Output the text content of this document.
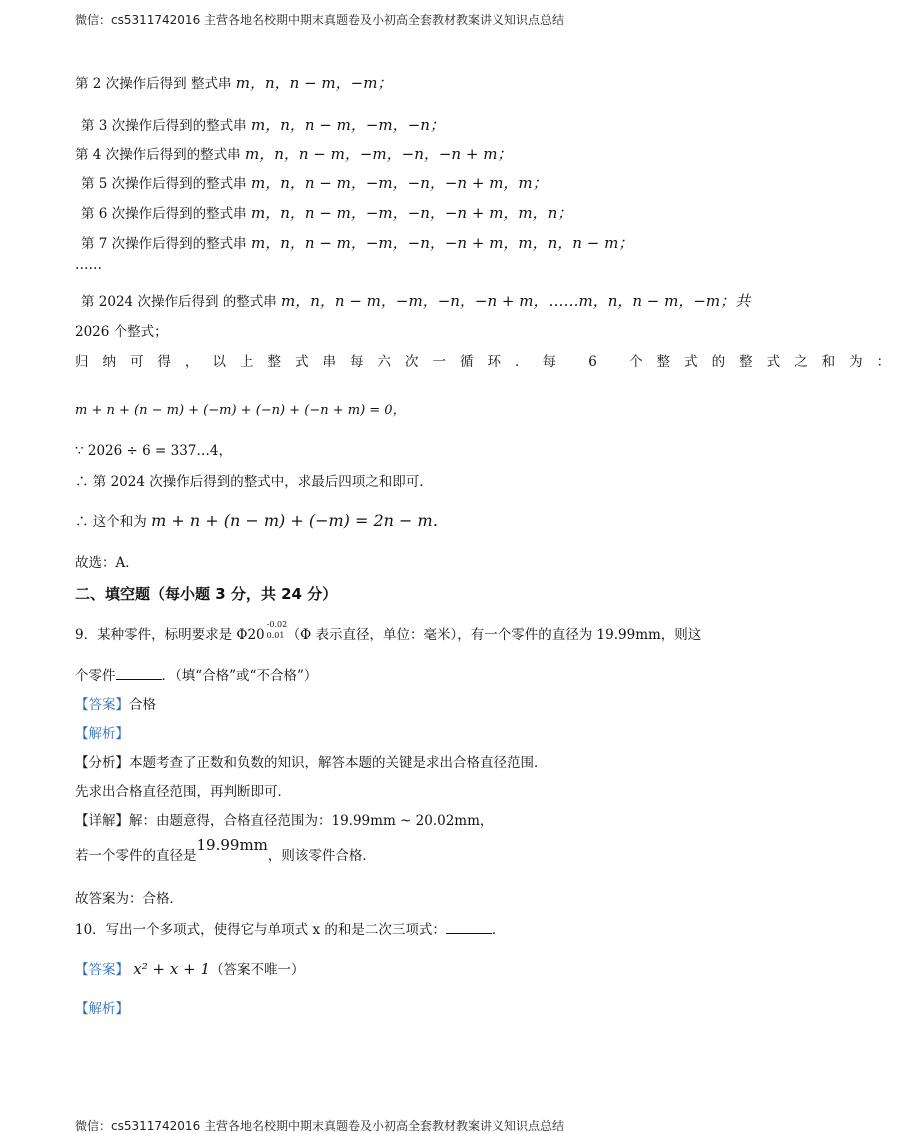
微信：cs5311742016 主营各地名校期中期末真题卷及小初高全套教材教案讲义知识点总结
第 2 次操作后得到 整式串 m，n，n − m，−m；
第 3 次操作后得到的整式串 m，n，n − m，−m，−n；
第 4 次操作后得到的整式串 m，n，n − m，−m，−n，−n + m；
第 5 次操作后得到的整式串 m，n，n − m，−m，−n，−n + m，m；
第 6 次操作后得到的整式串 m，n，n − m，−m，−n，−n + m，m，n；
第 7 次操作后得到的整式串 m，n，n − m，−m，−n，−n + m，m，n，n − m；
……
第 2024 次操作后得到 的整式串 m，n，n − m，−m，−n，−n + m，……m，n，n − m，−m；共
2026 个整式；
归纳可得，以上整式串每六次一循环．每 6 个整式的整式之和为：
m + n + (n − m) + (−m) + (−n) + (−n + m) = 0，
∵ 2026 ÷ 6 = 337…4，
∴ 第 2024 次操作后得到的整式中，求最后四项之和即可．
∴ 这个和为 m + n + (n − m) + (−m) = 2n − m．
故选：A．
二、填空题（每小题 3 分，共 24 分）
9．某种零件，标明要求是 Φ20
-0.02
0.01 （Φ 表示直径，单位：毫米），有一个零件的直径为 19.99mm，则这
个零件	．（填“合格”或“不合格”）
【答案】合格
【解析】
【分析】本题考查了正数和负数的知识，解答本题的关键是求出合格直径范围．
先求出合格直径范围，再判断即可．
【详解】解：由题意得，合格直径范围为：19.99mm ~ 20.02mm，
若一个零件的直径是19.99mm，则该零件合格．
故答案为：合格．
10．写出一个多项式，使得它与单项式 x 的和是二次三项式：	．
【答案】 x² + x + 1（答案不唯一）
【解析】
微信：cs5311742016 主营各地名校期中期末真题卷及小初高全套教材教案讲义知识点总结
